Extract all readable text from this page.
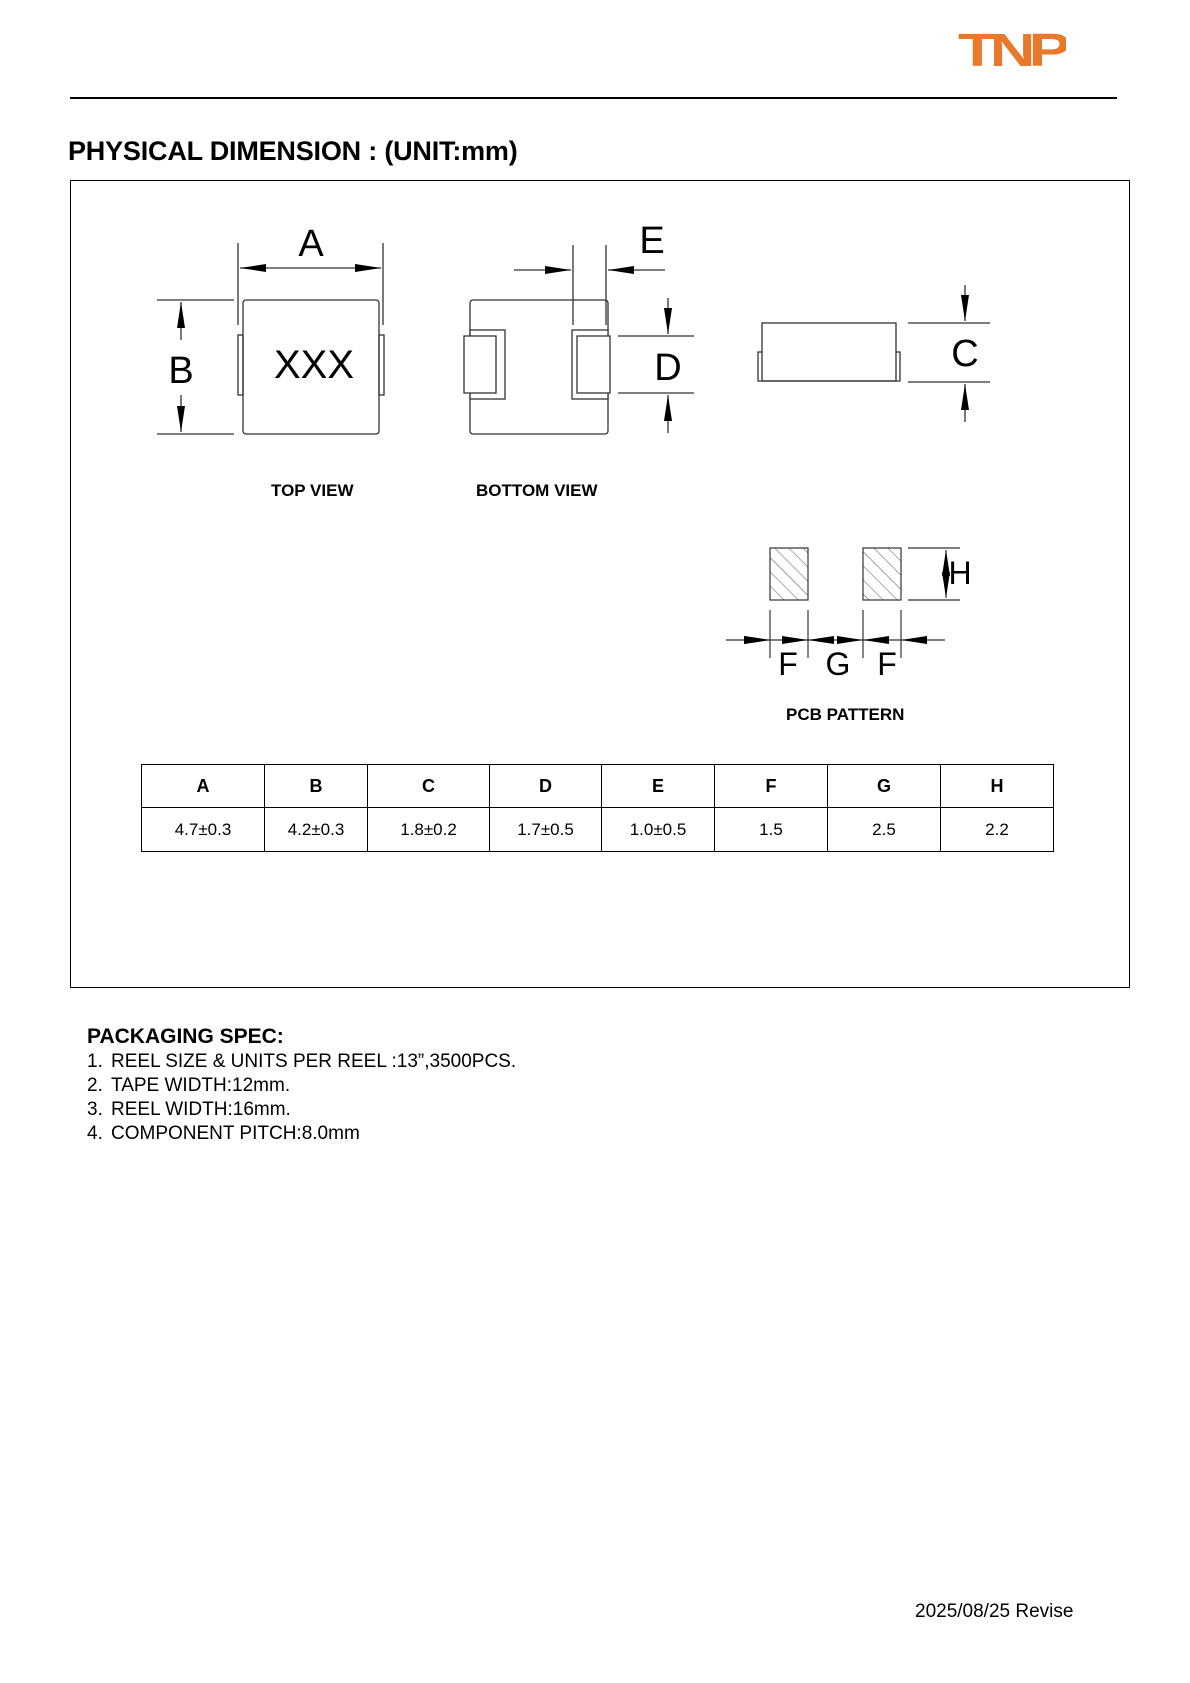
TNP
PHYSICAL DIMENSION : (UNIT:mm)
A
B XXX
E
D	C
H
F G F
TOP VIEW	BOTTOM VIEW
PCB PATTERN
A	B	C	D	E	F	G	H
4.7±0.3	4.2±0.3	1.8±0.2	1.7±0.5	1.0±0.5	1.5	2.5	2.2
PACKAGING SPEC:
1. REEL SIZE & UNITS PER REEL :13”,3500PCS.
2. TAPE WIDTH:12mm.
3. REEL WIDTH:16mm.
4. COMPONENT PITCH:8.0mm
2025/08/25 Revise
